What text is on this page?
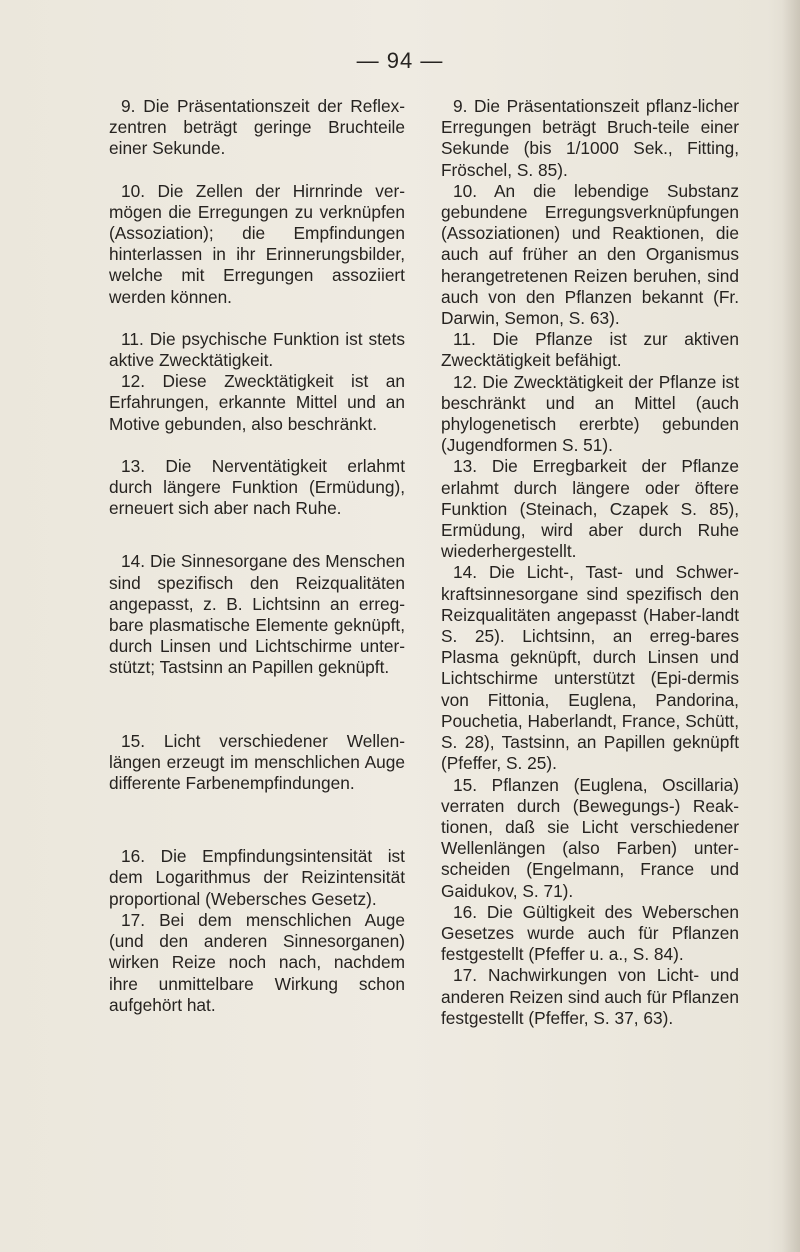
— 94 —

9. Die Präsentationszeit der Reflex-zentren beträgt geringe Bruchteile einer Sekunde.

10. Die Zellen der Hirnrinde ver-mögen die Erregungen zu verknüpfen (Assoziation); die Empfindungen hinterlassen in ihr Erinnerungsbilder, welche mit Erregungen assoziiert werden können.

11. Die psychische Funktion ist stets aktive Zwecktätigkeit.

12. Diese Zwecktätigkeit ist an Erfahrungen, erkannte Mittel und an Motive gebunden, also beschränkt.

13. Die Nerventätigkeit erlahmt durch längere Funktion (Ermüdung), erneuert sich aber nach Ruhe.

14. Die Sinnesorgane des Menschen sind spezifisch den Reizqualitäten angepasst, z. B. Lichtsinn an erreg-bare plasmatische Elemente geknüpft, durch Linsen und Lichtschirme unter-stützt; Tastsinn an Papillen geknüpft.

15. Licht verschiedener Wellen-längen erzeugt im menschlichen Auge differente Farbenempfindungen.

16. Die Empfindungsintensität ist dem Logarithmus der Reizintensität proportional (Webersches Gesetz).

17. Bei dem menschlichen Auge (und den anderen Sinnesorganen) wirken Reize noch nach, nachdem ihre unmittelbare Wirkung schon aufgehört hat.

9. Die Präsentationszeit pflanz-licher Erregungen beträgt Bruch-teile einer Sekunde (bis 1/1000 Sek., Fitting, Fröschel, S. 85).

10. An die lebendige Substanz gebundene Erregungsverknüpfungen (Assoziationen) und Reaktionen, die auch auf früher an den Organismus herangetretenen Reizen beruhen, sind auch von den Pflanzen bekannt (Fr. Darwin, Semon, S. 63).

11. Die Pflanze ist zur aktiven Zwecktätigkeit befähigt.

12. Die Zwecktätigkeit der Pflanze ist beschränkt und an Mittel (auch phylogenetisch ererbte) gebunden (Jugendformen S. 51).

13. Die Erregbarkeit der Pflanze erlahmt durch längere oder öftere Funktion (Steinach, Czapek S. 85), Ermüdung, wird aber durch Ruhe wiederhergestellt.

14. Die Licht-, Tast- und Schwer-kraftsinnesorgane sind spezifisch den Reizqualitäten angepasst (Haber-landt S. 25). Lichtsinn, an erreg-bares Plasma geknüpft, durch Linsen und Lichtschirme unterstützt (Epi-dermis von Fittonia, Euglena, Pandorina, Pouchetia, Haberlandt, France, Schütt, S. 28), Tastsinn, an Papillen geknüpft (Pfeffer, S. 25).

15. Pflanzen (Euglena, Oscillaria) verraten durch (Bewegungs-) Reak-tionen, daß sie Licht verschiedener Wellenlängen (also Farben) unter-scheiden (Engelmann, France und Gaidukov, S. 71).

16. Die Gültigkeit des Weberschen Gesetzes wurde auch für Pflanzen festgestellt (Pfeffer u. a., S. 84).

17. Nachwirkungen von Licht- und anderen Reizen sind auch für Pflanzen festgestellt (Pfeffer, S. 37, 63).
